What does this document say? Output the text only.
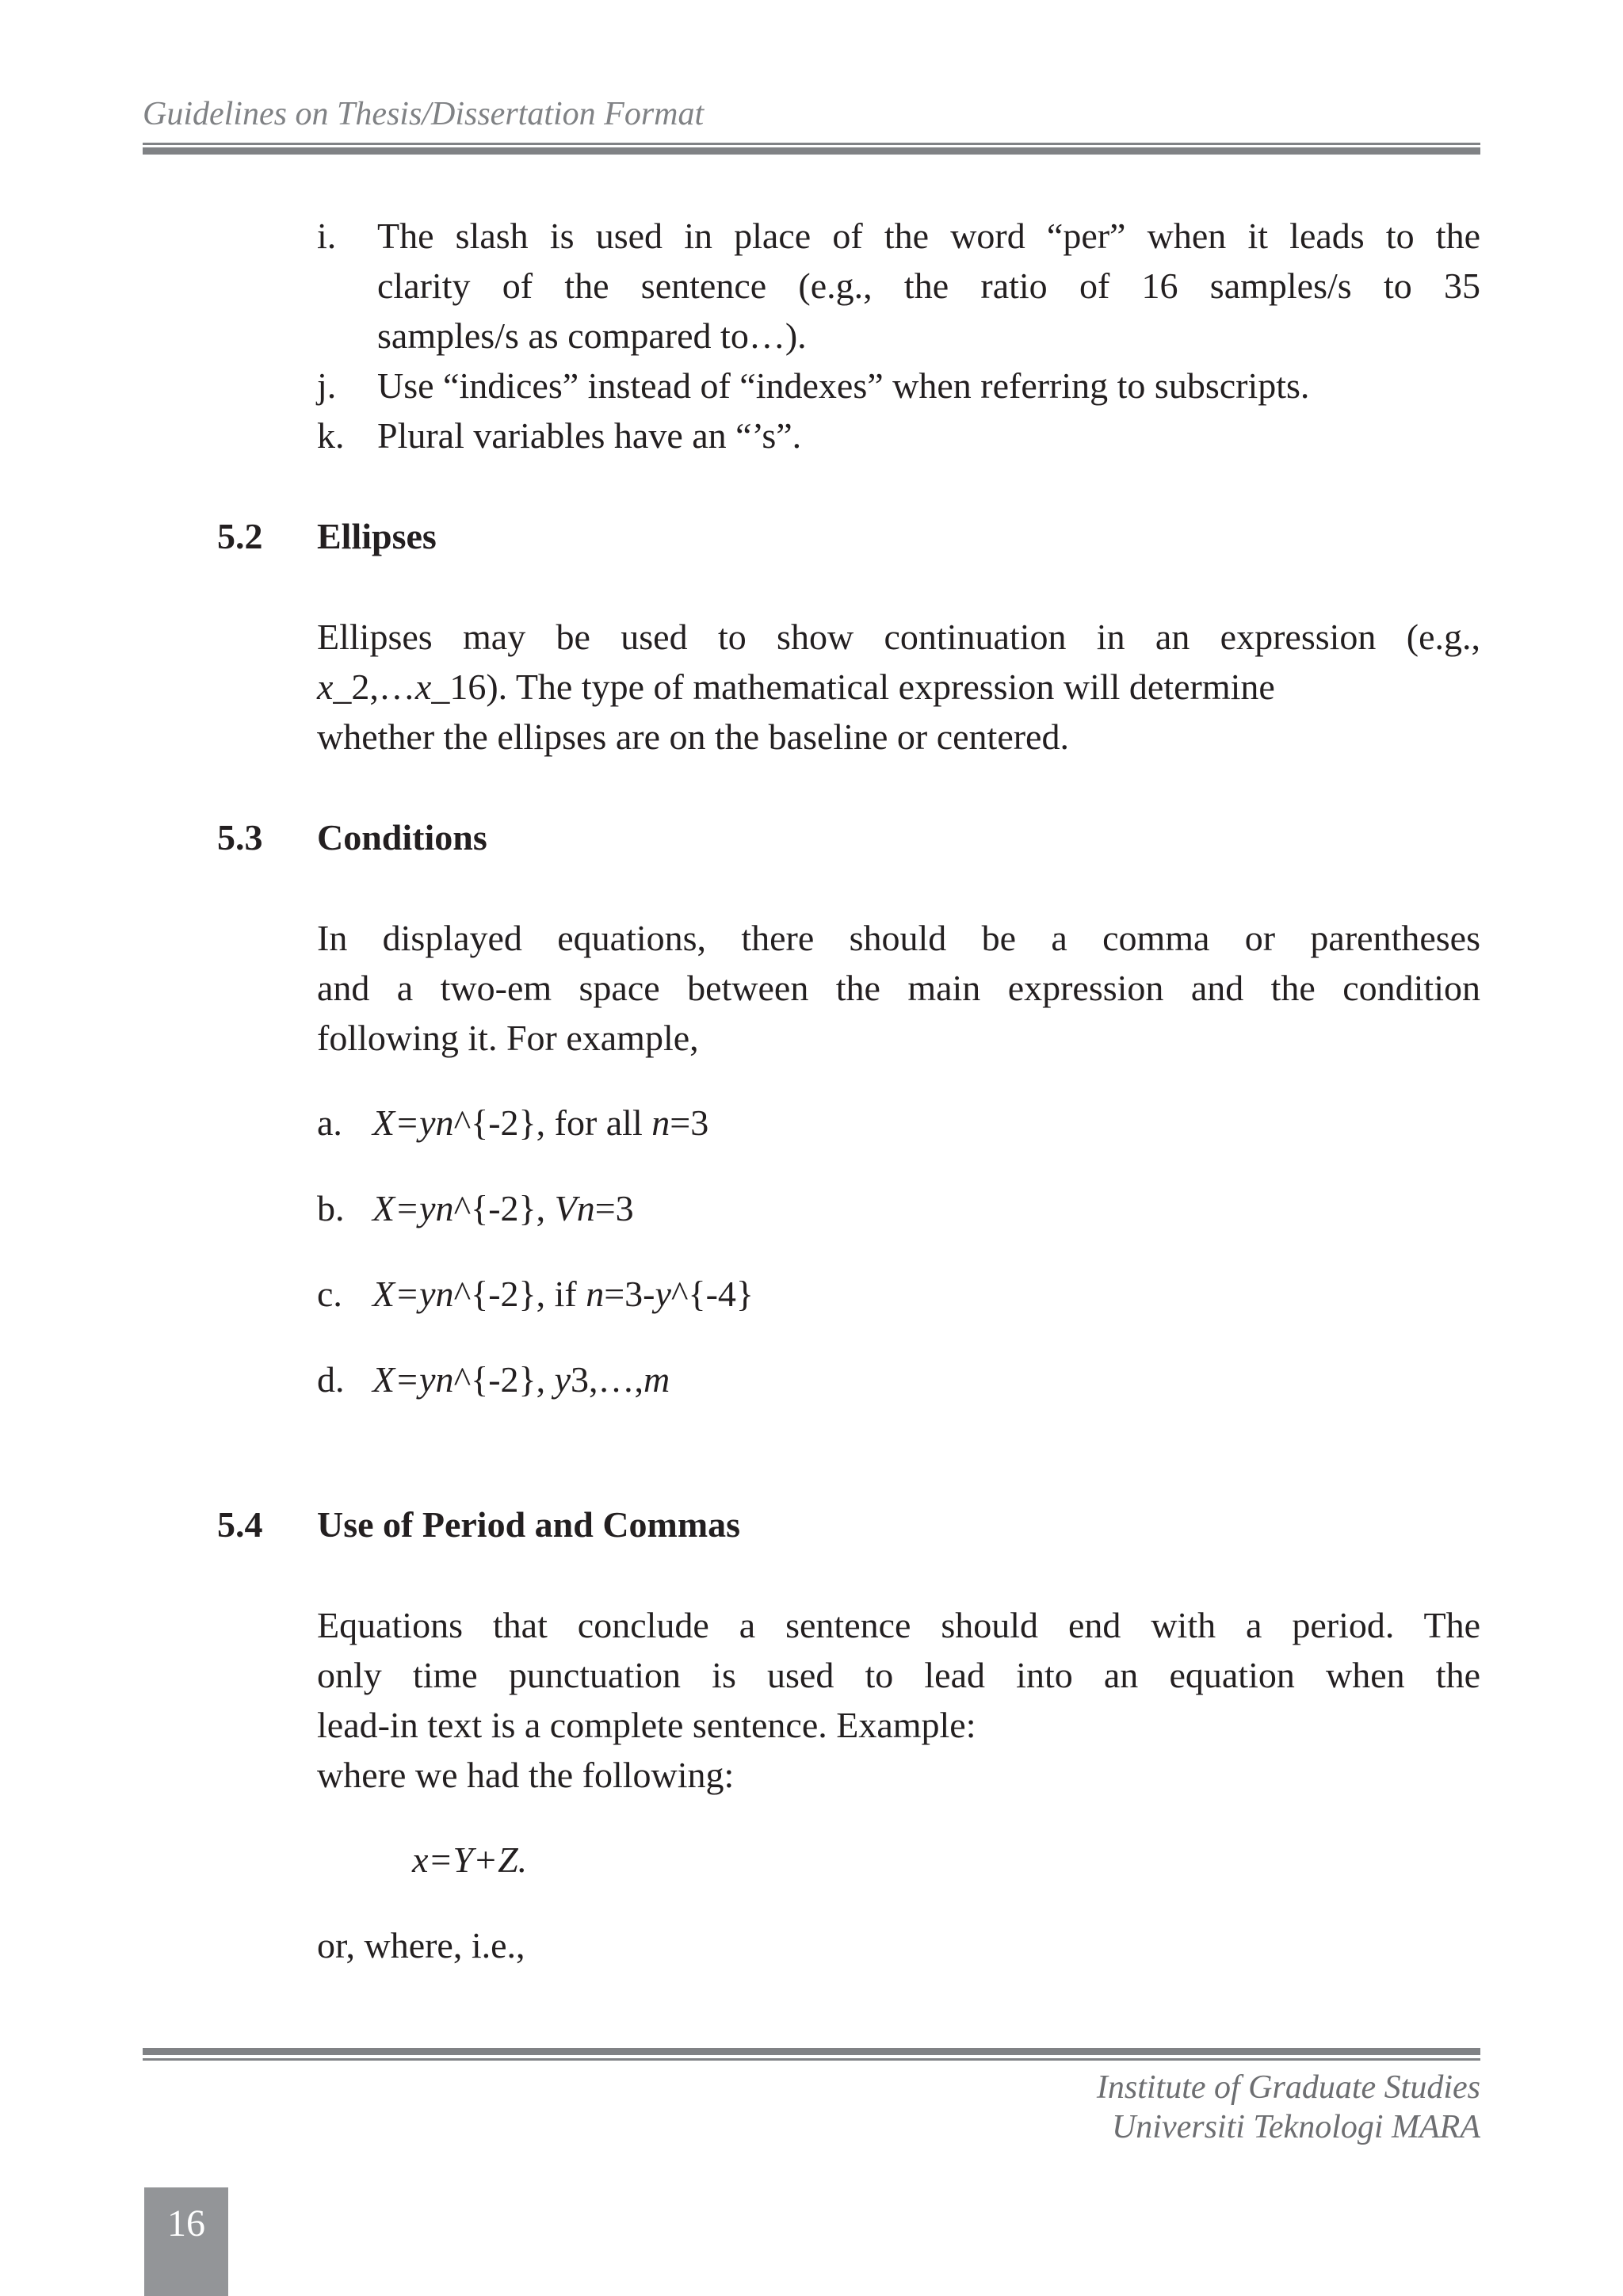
Guidelines on Thesis/Dissertation Format
i. The slash is used in place of the word “per” when it leads to the
clarity of the sentence (e.g., the ratio of 16 samples/s to 35
samples/s as compared to…).
j. Use “indices” instead of “indexes” when referring to subscripts.
k. Plural variables have an “’s”.
5.2 Ellipses
Ellipses may be used to show continuation in an expression (e.g.,
x_2,…x_16). The type of mathematical expression will determine
whether the ellipses are on the baseline or centered.
5.3 Conditions
In displayed equations, there should be a comma or parentheses
and a two-em space between the main expression and the condition
following it. For example,
a. X=yn^{-2}, for all n=3
b. X=yn^{-2}, Vn=3
c. X=yn^{-2}, if n=3-y^{-4}
d. X=yn^{-2}, y3,…,m
5.4 Use of Period and Commas
Equations that conclude a sentence should end with a period. The
only time punctuation is used to lead into an equation when the
lead-in text is a complete sentence. Example:
where we had the following:
x=Y+Z.
or, where, i.e.,
Institute of Graduate Studies
Universiti Teknologi MARA
16
